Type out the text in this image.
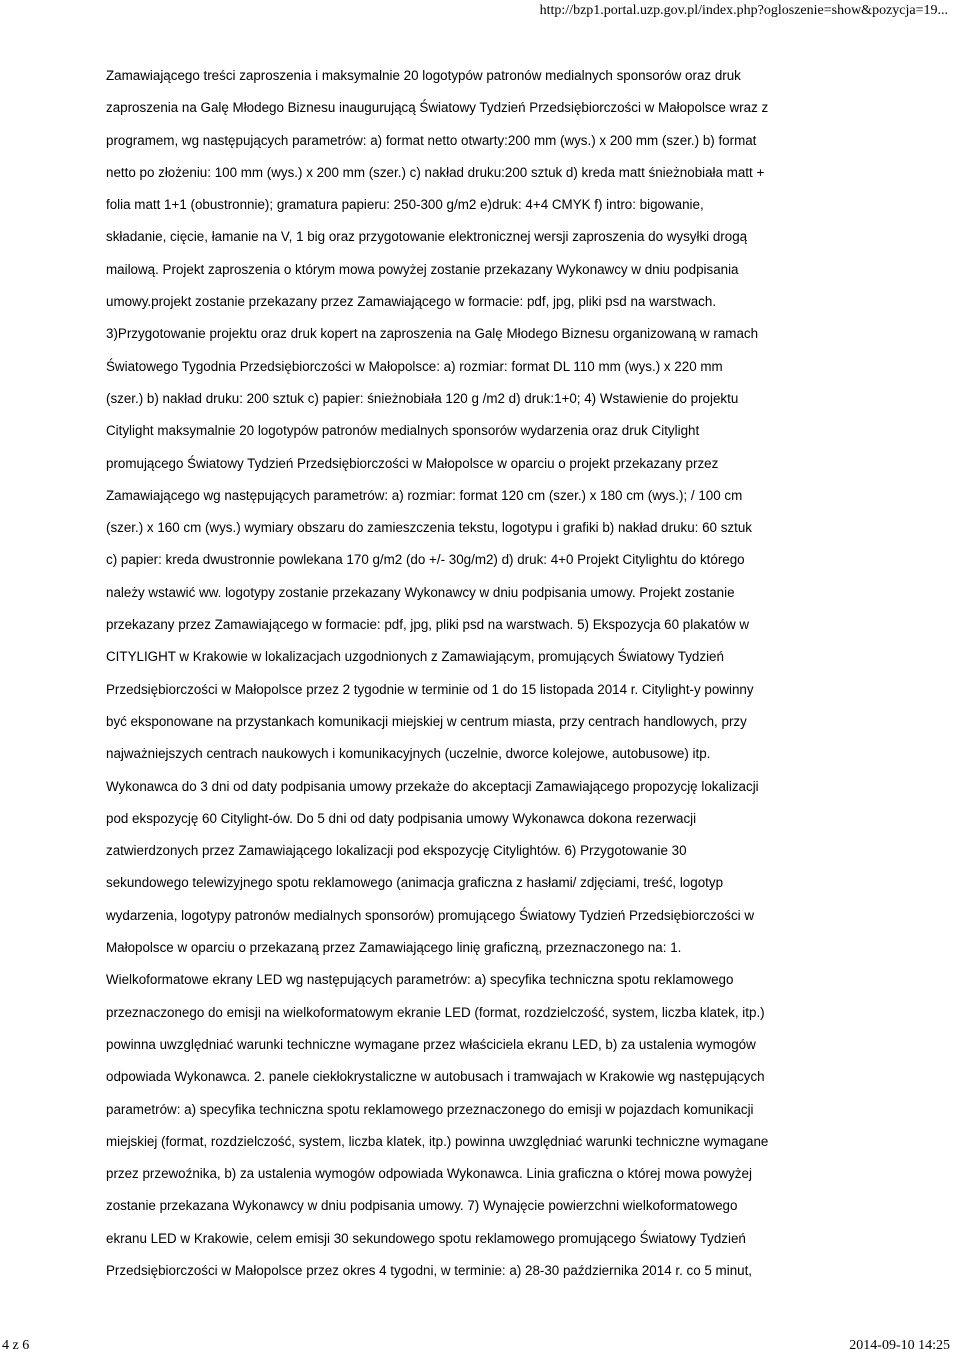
http://bzp1.portal.uzp.gov.pl/index.php?ogloszenie=show&pozycja=19...
Zamawiającego treści zaproszenia i maksymalnie 20 logotypów patronów medialnych sponsorów oraz druk
zaproszenia na Galę Młodego Biznesu inaugurującą Światowy Tydzień Przedsiębiorczości w Małopolsce wraz z
programem, wg następujących parametrów: a) format netto otwarty:200 mm (wys.) x 200 mm (szer.) b) format
netto po złożeniu: 100 mm (wys.) x 200 mm (szer.) c) nakład druku:200 sztuk d) kreda matt śnieżnobiała matt +
folia matt 1+1 (obustronnie); gramatura papieru: 250-300 g/m2 e)druk: 4+4 CMYK f) intro: bigowanie,
składanie, cięcie, łamanie na V, 1 big oraz przygotowanie elektronicznej wersji zaproszenia do wysyłki drogą
mailową. Projekt zaproszenia o którym mowa powyżej zostanie przekazany Wykonawcy w dniu podpisania
umowy.projekt zostanie przekazany przez Zamawiającego w formacie: pdf, jpg, pliki psd na warstwach.
3)Przygotowanie projektu oraz druk kopert na zaproszenia na Galę Młodego Biznesu organizowaną w ramach
Światowego Tygodnia Przedsiębiorczości w Małopolsce: a) rozmiar: format DL 110 mm (wys.) x 220 mm
(szer.) b) nakład druku: 200 sztuk c) papier: śnieżnobiała 120 g /m2 d) druk:1+0; 4) Wstawienie do projektu
Citylight maksymalnie 20 logotypów patronów medialnych sponsorów wydarzenia oraz druk Citylight
promującego Światowy Tydzień Przedsiębiorczości w Małopolsce w oparciu o projekt przekazany przez
Zamawiającego wg następujących parametrów: a) rozmiar: format 120 cm (szer.) x 180 cm (wys.); / 100 cm
(szer.) x 160 cm (wys.) wymiary obszaru do zamieszczenia tekstu, logotypu i grafiki b) nakład druku: 60 sztuk
c) papier: kreda dwustronnie powlekana 170 g/m2 (do +/- 30g/m2) d) druk: 4+0 Projekt Citylightu do którego
należy wstawić ww. logotypy zostanie przekazany Wykonawcy w dniu podpisania umowy. Projekt zostanie
przekazany przez Zamawiającego w formacie: pdf, jpg, pliki psd na warstwach. 5) Ekspozycja 60 plakatów w
CITYLIGHT w Krakowie w lokalizacjach uzgodnionych z Zamawiającym, promujących Światowy Tydzień
Przedsiębiorczości w Małopolsce przez 2 tygodnie w terminie od 1 do 15 listopada 2014 r. Citylight-y powinny
być eksponowane na przystankach komunikacji miejskiej w centrum miasta, przy centrach handlowych, przy
najważniejszych centrach naukowych i komunikacyjnych (uczelnie, dworce kolejowe, autobusowe) itp.
Wykonawca do 3 dni od daty podpisania umowy przekaże do akceptacji Zamawiającego propozycję lokalizacji
pod ekspozycję 60 Citylight-ów. Do 5 dni od daty podpisania umowy Wykonawca dokona rezerwacji
zatwierdzonych przez Zamawiającego lokalizacji pod ekspozycję Citylightów. 6) Przygotowanie 30
sekundowego telewizyjnego spotu reklamowego (animacja graficzna z hasłami/ zdjęciami, treść, logotyp
wydarzenia, logotypy patronów medialnych sponsorów) promującego Światowy Tydzień Przedsiębiorczości w
Małopolsce w oparciu o przekazaną przez Zamawiającego linię graficzną, przeznaczonego na: 1.
Wielkoformatowe ekrany LED wg następujących parametrów: a) specyfika techniczna spotu reklamowego
przeznaczonego do emisji na wielkoformatowym ekranie LED (format, rozdzielczość, system, liczba klatek, itp.)
powinna uwzględniać warunki techniczne wymagane przez właściciela ekranu LED, b) za ustalenia wymogów
odpowiada Wykonawca. 2. panele ciekłokrystaliczne w autobusach i tramwajach w Krakowie wg następujących
parametrów: a) specyfika techniczna spotu reklamowego przeznaczonego do emisji w pojazdach komunikacji
miejskiej (format, rozdzielczość, system, liczba klatek, itp.) powinna uwzględniać warunki techniczne wymagane
przez przewoźnika, b) za ustalenia wymogów odpowiada Wykonawca. Linia graficzna o której mowa powyżej
zostanie przekazana Wykonawcy w dniu podpisania umowy. 7) Wynajęcie powierzchni wielkoformatowego
ekranu LED w Krakowie, celem emisji 30 sekundowego spotu reklamowego promującego Światowy Tydzień
Przedsiębiorczości w Małopolsce przez okres 4 tygodni, w terminie: a) 28-30 października 2014 r. co 5 minut,
4 z 6	2014-09-10 14:25
